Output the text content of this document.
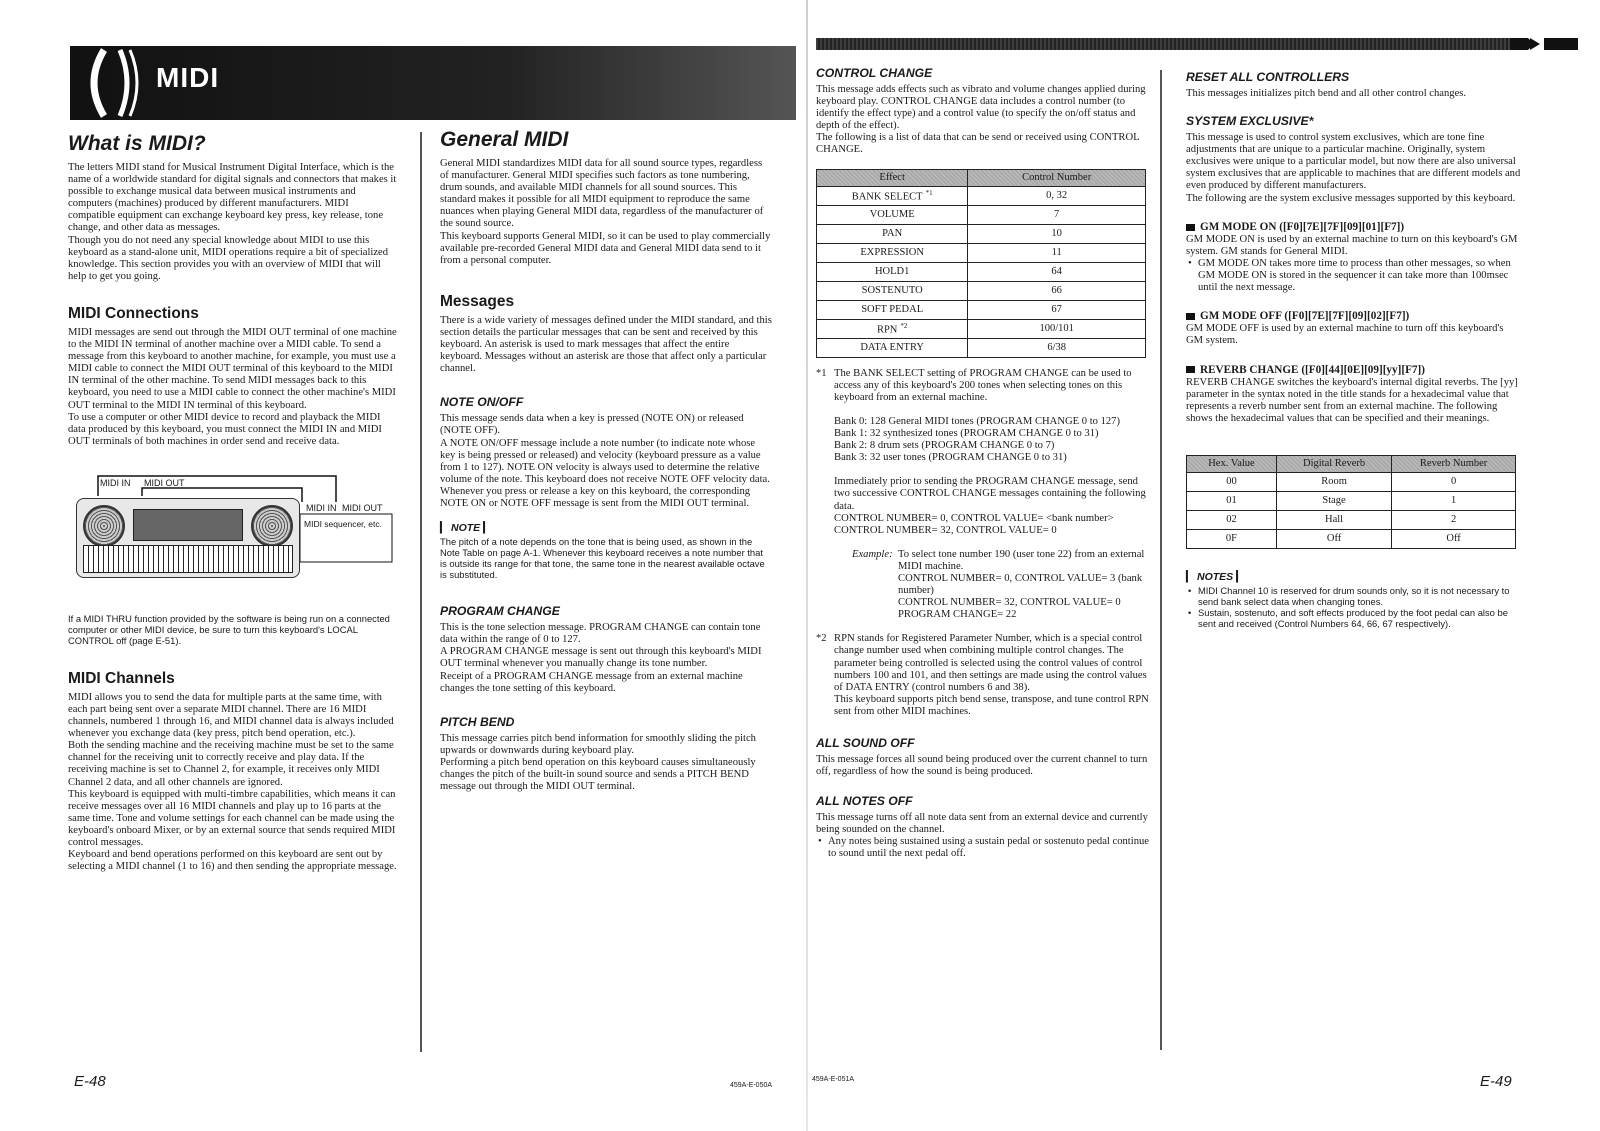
MIDI
What is MIDI?

The letters MIDI stand for Musical Instrument Digital Interface, which is the name of a worldwide standard for digital signals and connectors that makes it possible to exchange musical data between musical instruments and computers (machines) produced by different manufacturers. MIDI compatible equipment can exchange keyboard key press, key release, tone change, and other data as messages.

Though you do not need any special knowledge about MIDI to use this keyboard as a stand-alone unit, MIDI operations require a bit of specialized knowledge. This section provides you with an overview of MIDI that will help to get you going.

MIDI Connections

MIDI messages are send out through the MIDI OUT terminal of one machine to the MIDI IN terminal of another machine over a MIDI cable. To send a message from this keyboard to another machine, for example, you must use a MIDI cable to connect the MIDI OUT terminal of this keyboard to the MIDI IN terminal of the other machine. To send MIDI messages back to this keyboard, you need to use a MIDI cable to connect the other machine's MIDI OUT terminal to the MIDI IN terminal of this keyboard.

To use a computer or other MIDI device to record and playback the MIDI data produced by this keyboard, you must connect the MIDI IN and MIDI OUT terminals of both machines in order send and receive data.

MIDI IN MIDI OUT
MIDI IN MIDI OUT
MIDI sequencer, etc.

If a MIDI THRU function provided by the software is being run on a connected computer or other MIDI device, be sure to turn this keyboard's LOCAL CONTROL off (page E-51).

MIDI Channels

MIDI allows you to send the data for multiple parts at the same time, with each part being sent over a separate MIDI channel. There are 16 MIDI channels, numbered 1 through 16, and MIDI channel data is always included whenever you exchange data (key press, pitch bend operation, etc.).

Both the sending machine and the receiving machine must be set to the same channel for the receiving unit to correctly receive and play data. If the receiving machine is set to Channel 2, for example, it receives only MIDI Channel 2 data, and all other channels are ignored.

This keyboard is equipped with multi-timbre capabilities, which means it can receive messages over all 16 MIDI channels and play up to 16 parts at the same time. Tone and volume settings for each channel can be made using the keyboard's onboard Mixer, or by an external source that sends required MIDI control messages.

Keyboard and bend operations performed on this keyboard are sent out by selecting a MIDI channel (1 to 16) and then sending the appropriate message.

General MIDI

General MIDI standardizes MIDI data for all sound source types, regardless of manufacturer. General MIDI specifies such factors as tone numbering, drum sounds, and available MIDI channels for all sound sources. This standard makes it possible for all MIDI equipment to reproduce the same nuances when playing General MIDI data, regardless of the manufacturer of the sound source.

This keyboard supports General MIDI, so it can be used to play commercially available pre-recorded General MIDI data and General MIDI data send to it from a personal computer.

Messages

There is a wide variety of messages defined under the MIDI standard, and this section details the particular messages that can be sent and received by this keyboard. An asterisk is used to mark messages that affect the entire keyboard. Messages without an asterisk are those that affect only a particular channel.

NOTE ON/OFF

This message sends data when a key is pressed (NOTE ON) or released (NOTE OFF).

A NOTE ON/OFF message include a note number (to indicate note whose key is being pressed or released) and velocity (keyboard pressure as a value from 1 to 127). NOTE ON velocity is always used to determine the relative volume of the note. This keyboard does not receive NOTE OFF velocity data.

Whenever you press or release a key on this keyboard, the corresponding NOTE ON or NOTE OFF message is sent from the MIDI OUT terminal.

▎ NOTE ▎

The pitch of a note depends on the tone that is being used, as shown in the Note Table on page A-1. Whenever this keyboard receives a note number that is outside its range for that tone, the same tone in the nearest available octave is substituted.

PROGRAM CHANGE

This is the tone selection message. PROGRAM CHANGE can contain tone data within the range of 0 to 127.

A PROGRAM CHANGE message is sent out through this keyboard's MIDI OUT terminal whenever you manually change its tone number.

Receipt of a PROGRAM CHANGE message from an external machine changes the tone setting of this keyboard.

PITCH BEND

This message carries pitch bend information for smoothly sliding the pitch upwards or downwards during keyboard play.

Performing a pitch bend operation on this keyboard causes simultaneously changes the pitch of the built-in sound source and sends a PITCH BEND message out through the MIDI OUT terminal.

E-48	459A-E-050A
CONTROL CHANGE

This message adds effects such as vibrato and volume changes applied during keyboard play. CONTROL CHANGE data includes a control number (to identify the effect type) and a control value (to specify the on/off status and depth of the effect).

The following is a list of data that can be send or received using CONTROL CHANGE.

Effect	Control Number
BANK SELECT $^{*1}$	0, 32
VOLUME	7
PAN	10
EXPRESSION	11
HOLD1	64
SOSTENUTO	66
SOFT PEDAL	67
RPN $^{*2}$	100/101
DATA ENTRY	6/38
*1 The BANK SELECT setting of PROGRAM CHANGE can be used to access any of this keyboard's 200 tones when selecting tones on this keyboard from an external machine.

Bank 0: 128 General MIDI tones (PROGRAM CHANGE 0 to 127)

Bank 1: 32 synthesized tones (PROGRAM CHANGE 0 to 31)

Bank 2: 8 drum sets (PROGRAM CHANGE 0 to 7)

Bank 3: 32 user tones (PROGRAM CHANGE 0 to 31)

Immediately prior to sending the PROGRAM CHANGE message, send two successive CONTROL CHANGE messages containing the following data.

CONTROL NUMBER= 0, CONTROL VALUE= <bank number>

CONTROL NUMBER= 32, CONTROL VALUE= 0

Example: To select tone number 190 (user tone 22) from an external MIDI machine.

CONTROL NUMBER= 0, CONTROL VALUE= 3 (bank number)

CONTROL NUMBER= 32, CONTROL VALUE= 0

PROGRAM CHANGE= 22

*2 RPN stands for Registered Parameter Number, which is a special control change number used when combining multiple control changes. The parameter being controlled is selected using the control values of control numbers 100 and 101, and then settings are made using the control values of DATA ENTRY (control numbers 6 and 38).

This keyboard supports pitch bend sense, transpose, and tune control RPN sent from other MIDI machines.

ALL SOUND OFF

This message forces all sound being produced over the current channel to turn off, regardless of how the sound is being produced.

ALL NOTES OFF

This message turns off all note data sent from an external device and currently being sounded on the channel.

• Any notes being sustained using a sustain pedal or sostenuto pedal continue to sound until the next pedal off.
RESET ALL CONTROLLERS

This messages initializes pitch bend and all other control changes.

SYSTEM EXCLUSIVE*

This message is used to control system exclusives, which are tone fine adjustments that are unique to a particular machine. Originally, system exclusives were unique to a particular model, but now there are also universal system exclusives that are applicable to machines that are different models and even produced by different manufacturers.

The following are the system exclusive messages supported by this keyboard.

GM MODE ON ([F0][7E][7F][09][01][F7])

GM MODE ON is used by an external machine to turn on this keyboard's GM system. GM stands for General MIDI.

• GM MODE ON takes more time to process than other messages, so when GM MODE ON is stored in the sequencer it can take more than 100msec until the next message.
GM MODE OFF ([F0][7E][7F][09][02][F7])

GM MODE OFF is used by an external machine to turn off this keyboard's GM system.

REVERB CHANGE ([F0][44][0E][09][yy][F7])

REVERB CHANGE switches the keyboard's internal digital reverbs. The [yy] parameter in the syntax noted in the title stands for a hexadecimal value that represents a reverb number sent from an external machine. The following shows the hexadecimal values that can be specified and their meanings.

Hex. Value	Digital Reverb	Reverb Number
00	Room	0
01	Stage	1
02	Hall	2
0F	Off	Off
▎ NOTES ▎
• MIDI Channel 10 is reserved for drum sounds only, so it is not necessary to send bank select data when changing tones.
• Sustain, sostenuto, and soft effects produced by the foot pedal can also be sent and received (Control Numbers 64, 66, 67 respectively).
459A-E-051A	E-49
